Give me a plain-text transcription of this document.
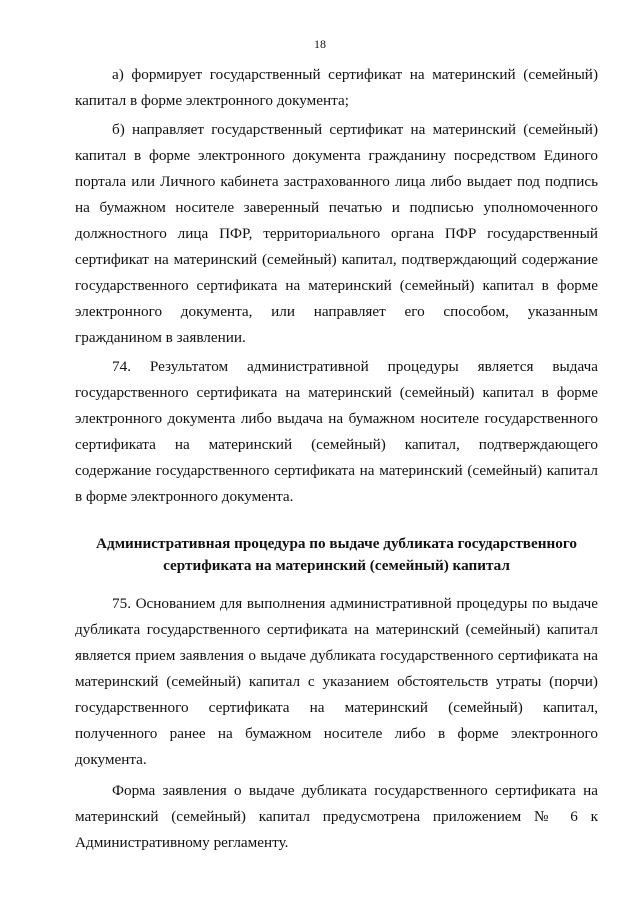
18

а) формирует государственный сертификат на материнский (семейный) капитал в форме электронного документа;

б) направляет государственный сертификат на материнский (семейный) капитал в форме электронного документа гражданину посредством Единого портала или Личного кабинета застрахованного лица либо выдает под подпись на бумажном носителе заверенный печатью и подписью уполномоченного должностного лица ПФР, территориального органа ПФР государственный сертификат на материнский (семейный) капитал, подтверждающий содержание государственного сертификата на материнский (семейный) капитал в форме электронного документа, или направляет его способом, указанным гражданином в заявлении.

74. Результатом административной процедуры является выдача государственного сертификата на материнский (семейный) капитал в форме электронного документа либо выдача на бумажном носителе государственного сертификата на материнский (семейный) капитал, подтверждающего содержание государственного сертификата на материнский (семейный) капитал в форме электронного документа.

Административная процедура по выдаче дубликата государственного
сертификата на материнский (семейный) капитал

75. Основанием для выполнения административной процедуры по выдаче дубликата государственного сертификата на материнский (семейный) капитал является прием заявления о выдаче дубликата государственного сертификата на материнский (семейный) капитал с указанием обстоятельств утраты (порчи) государственного сертификата на материнский (семейный) капитал, полученного ранее на бумажном носителе либо в форме электронного документа.

Форма заявления о выдаче дубликата государственного сертификата на материнский (семейный) капитал предусмотрена приложением № 6 к Административному регламенту.
